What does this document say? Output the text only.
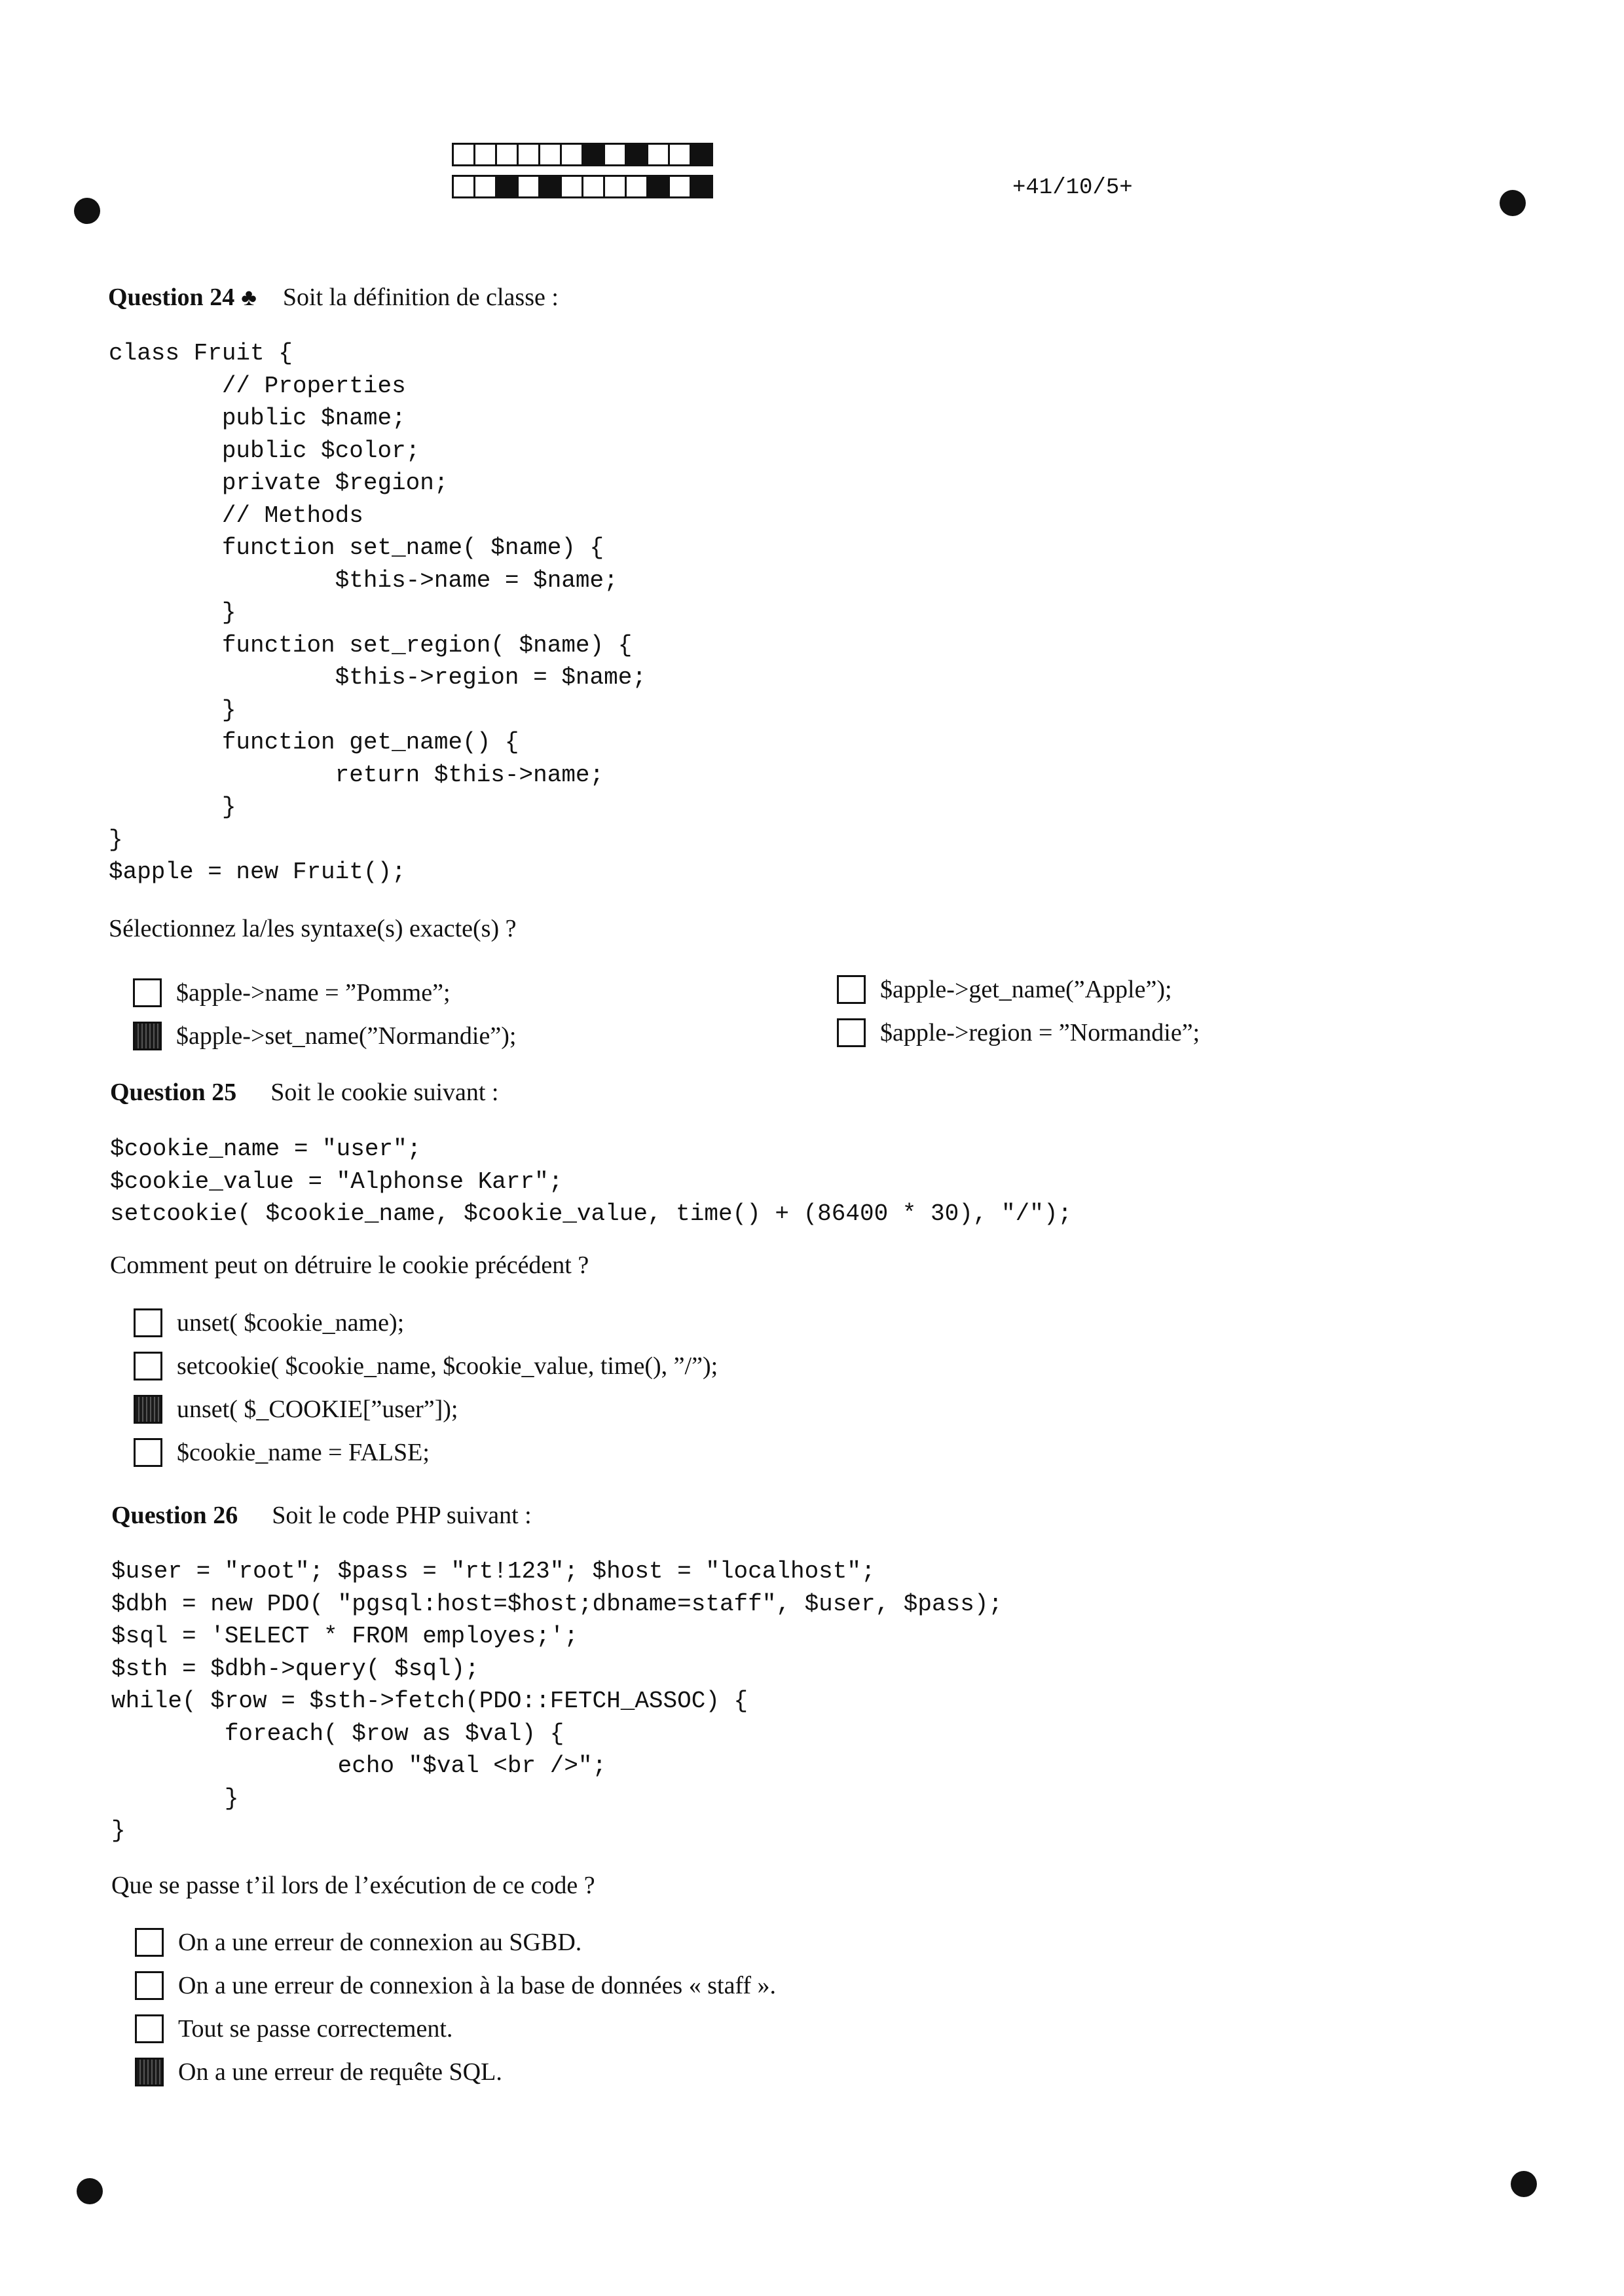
+41/10/5+
Question 24 ♣ Soit la définition de classe :
class Fruit {
// Properties
public $name;
public $color;
private $region;
// Methods
function set_name( $name) {
$this->name = $name;
}
function set_region( $name) {
$this->region = $name;
}
function get_name() {
return $this->name;
}
}
$apple = new Fruit();
Sélectionnez la/les syntaxe(s) exacte(s) ?
$apple->name = ”Pomme”;
$apple->set_name(”Normandie”);
$apple->get_name(”Apple”);
$apple->region = ”Normandie”;
Question 25 Soit le cookie suivant :
$cookie_name = "user";
$cookie_value = "Alphonse Karr";
setcookie( $cookie_name, $cookie_value, time() + (86400 * 30), "/");
Comment peut on détruire le cookie précédent ?
unset( $cookie_name);
setcookie( $cookie_name, $cookie_value, time(), ”/”);
unset( $_COOKIE[”user”]);
$cookie_name = FALSE;
Question 26 Soit le code PHP suivant :
$user = "root"; $pass = "rt!123"; $host = "localhost";
$dbh = new PDO( "pgsql:host=$host;dbname=staff", $user, $pass);
$sql = 'SELECT * FROM employes;';
$sth = $dbh->query( $sql);
while( $row = $sth->fetch(PDO::FETCH_ASSOC) {
foreach( $row as $val) {
echo "$val <br />";
}
}
Que se passe t’il lors de l’exécution de ce code ?
On a une erreur de connexion au SGBD.
On a une erreur de connexion à la base de données « staff ».
Tout se passe correctement.
On a une erreur de requête SQL.
